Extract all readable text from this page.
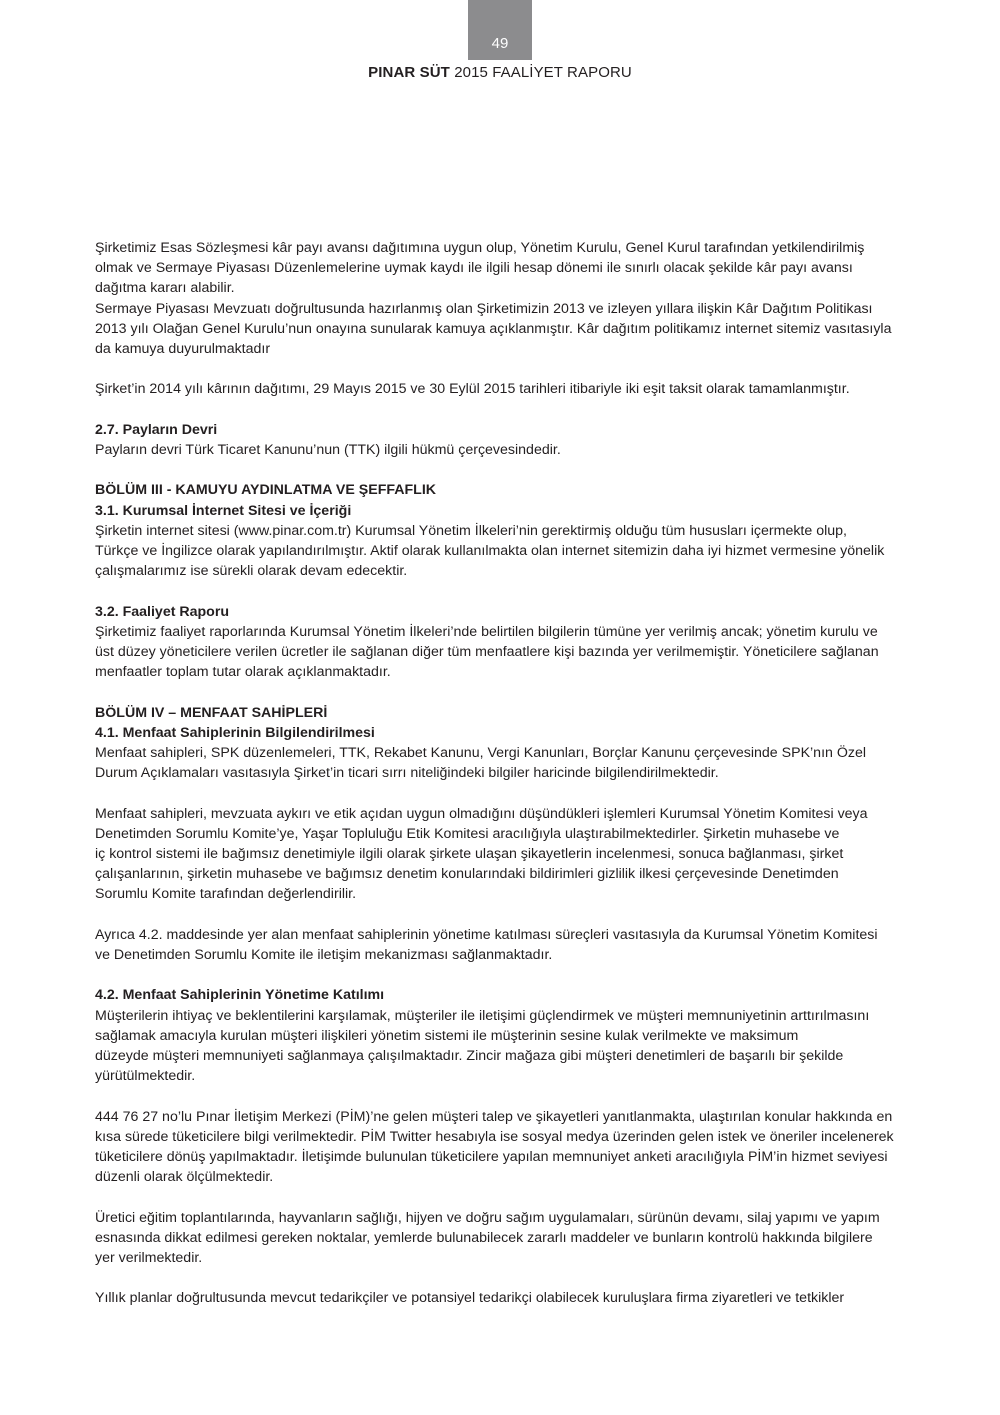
49
PINAR SÜT 2015 FAALİYET RAPORU

Şirketimiz Esas Sözleşmesi kâr payı avansı dağıtımına uygun olup, Yönetim Kurulu, Genel Kurul tarafından yetkilendirilmiş
olmak ve Sermaye Piyasası Düzenlemelerine uymak kaydı ile ilgili hesap dönemi ile sınırlı olacak şekilde kâr payı avansı
dağıtma kararı alabilir.

Sermaye Piyasası Mevzuatı doğrultusunda hazırlanmış olan Şirketimizin 2013 ve izleyen yıllara ilişkin Kâr Dağıtım Politikası
2013 yılı Olağan Genel Kurulu’nun onayına sunularak kamuya açıklanmıştır. Kâr dağıtım politikamız internet sitemiz vasıtasıyla
da kamuya duyurulmaktadır

Şirket’in 2014 yılı kârının dağıtımı, 29 Mayıs 2015 ve 30 Eylül 2015 tarihleri itibariyle iki eşit taksit olarak tamamlanmıştır.

2.7. Payların Devri

Payların devri Türk Ticaret Kanunu’nun (TTK) ilgili hükmü çerçevesindedir.

BÖLÜM III - KAMUYU AYDINLATMA VE ŞEFFAFLIK
3.1. Kurumsal İnternet Sitesi ve İçeriği

Şirketin internet sitesi (www.pinar.com.tr) Kurumsal Yönetim İlkeleri’nin gerektirmiş olduğu tüm hususları içermekte olup,
Türkçe ve İngilizce olarak yapılandırılmıştır. Aktif olarak kullanılmakta olan internet sitemizin daha iyi hizmet vermesine yönelik
çalışmalarımız ise sürekli olarak devam edecektir.

3.2. Faaliyet Raporu

Şirketimiz faaliyet raporlarında Kurumsal Yönetim İlkeleri’nde belirtilen bilgilerin tümüne yer verilmiş ancak; yönetim kurulu ve
üst düzey yöneticilere verilen ücretler ile sağlanan diğer tüm menfaatlere kişi bazında yer verilmemiştir. Yöneticilere sağlanan
menfaatler toplam tutar olarak açıklanmaktadır.

BÖLÜM IV – MENFAAT SAHİPLERİ
4.1. Menfaat Sahiplerinin Bilgilendirilmesi

Menfaat sahipleri, SPK düzenlemeleri, TTK, Rekabet Kanunu, Vergi Kanunları, Borçlar Kanunu çerçevesinde SPK’nın Özel
Durum Açıklamaları vasıtasıyla Şirket’in ticari sırrı niteliğindeki bilgiler haricinde bilgilendirilmektedir.

Menfaat sahipleri, mevzuata aykırı ve etik açıdan uygun olmadığını düşündükleri işlemleri Kurumsal Yönetim Komitesi veya
Denetimden Sorumlu Komite’ye, Yaşar Topluluğu Etik Komitesi aracılığıyla ulaştırabilmektedirler. Şirketin muhasebe ve
iç kontrol sistemi ile bağımsız denetimiyle ilgili olarak şirkete ulaşan şikayetlerin incelenmesi, sonuca bağlanması, şirket
çalışanlarının, şirketin muhasebe ve bağımsız denetim konularındaki bildirimleri gizlilik ilkesi çerçevesinde Denetimden
Sorumlu Komite tarafından değerlendirilir.

Ayrıca 4.2. maddesinde yer alan menfaat sahiplerinin yönetime katılması süreçleri vasıtasıyla da Kurumsal Yönetim Komitesi
ve Denetimden Sorumlu Komite ile iletişim mekanizması sağlanmaktadır.

4.2. Menfaat Sahiplerinin Yönetime Katılımı

Müşterilerin ihtiyaç ve beklentilerini karşılamak, müşteriler ile iletişimi güçlendirmek ve müşteri memnuniyetinin arttırılmasını
sağlamak amacıyla kurulan müşteri ilişkileri yönetim sistemi ile müşterinin sesine kulak verilmekte ve maksimum
düzeyde müşteri memnuniyeti sağlanmaya çalışılmaktadır. Zincir mağaza gibi müşteri denetimleri de başarılı bir şekilde
yürütülmektedir.

444 76 27 no’lu Pınar İletişim Merkezi (PİM)’ne gelen müşteri talep ve şikayetleri yanıtlanmakta, ulaştırılan konular hakkında en
kısa sürede tüketicilere bilgi verilmektedir. PİM Twitter hesabıyla ise sosyal medya üzerinden gelen istek ve öneriler incelenerek
tüketicilere dönüş yapılmaktadır. İletişimde bulunulan tüketicilere yapılan memnuniyet anketi aracılığıyla PİM’in hizmet seviyesi
düzenli olarak ölçülmektedir.

Üretici eğitim toplantılarında, hayvanların sağlığı, hijyen ve doğru sağım uygulamaları, sürünün devamı, silaj yapımı ve yapım
esnasında dikkat edilmesi gereken noktalar, yemlerde bulunabilecek zararlı maddeler ve bunların kontrolü hakkında bilgilere
yer verilmektedir.

Yıllık planlar doğrultusunda mevcut tedarikçiler ve potansiyel tedarikçi olabilecek kuruluşlara firma ziyaretleri ve tetkikler
